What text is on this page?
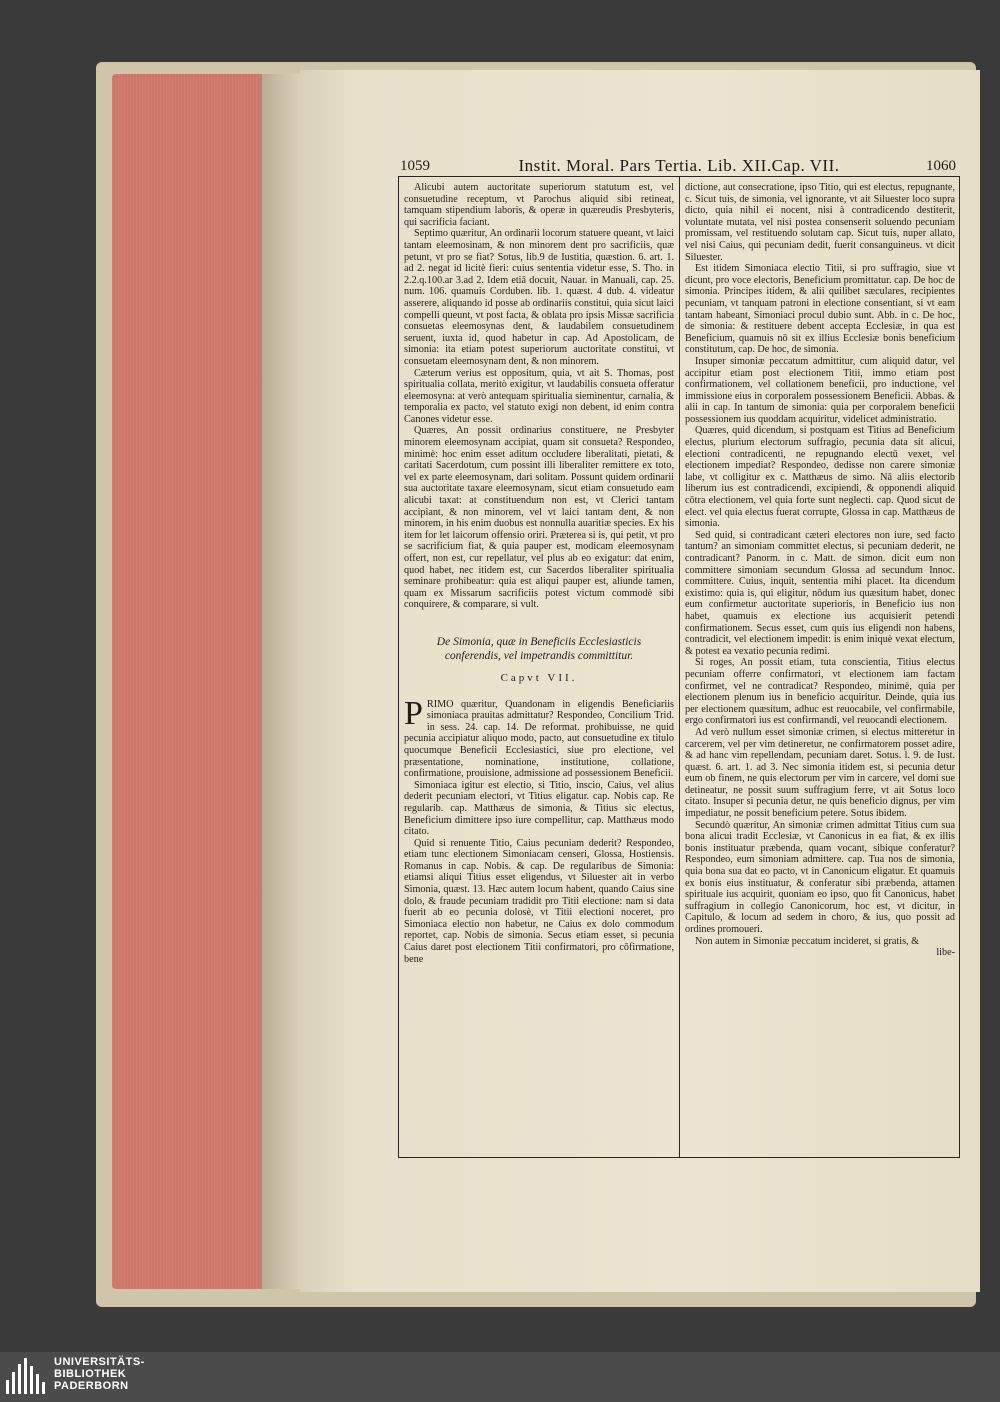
1059	Instit. Moral. Pars Tertia. Lib. XII.Cap. VII.	1060

Alicubi autem auctoritate superiorum statutum est, vel consuetudine receptum, vt Parochus aliquid sibi retineat, tamquam stipendium laboris, & operæ in quæreudis Presbyteris, qui sacrificia faciant.

Septimo quæritur, An ordinarii locorum statuere queant, vt laici tantam eleemosinam, & non minorem dent pro sacrificiis, quæ petunt, vt pro se fiat? Sotus, lib.9 de Iustitia, quæstion. 6. art. 1. ad 2. negat id licitè fieri: cuius sententia videtur esse, S. Tho. in 2.2.q.100.ar 3.ad 2. Idem etiā docuit, Nauar. in Manuali, cap. 25. num. 106. quamuis Corduben. lib. 1. quæst. 4 dub. 4. videatur asserere, aliquando id posse ab ordinariis constitui, quia sicut laici compelli queunt, vt post facta, & oblata pro ipsis Missæ sacrificia consuetas eleemosynas dent, & laudabilem consuetudinem seruent, iuxta id, quod habetur in cap. Ad Apostolicam, de simonia: ita etiam potest superiorum auctoritate constitui, vt consuetam eleemosynam dent, & non minorem.

Cæterum verius est oppositum, quia, vt ait S. Thomas, post spiritualia collata, meritò exigitur, vt laudabilis consueta offeratur eleemosyna: at verò antequam spiritualia sieminentur, carnalia, & temporalia ex pacto, vel statuto exigi non debent, id enim contra Canones videtur esse.

Quæres, An possit ordinarius constituere, ne Presbyter minorem eleemosynam accipiat, quam sit consueta? Respondeo, minimè: hoc enim esset aditum occludere liberalitati, pietati, & caritati Sacerdotum, cum possint illi liberaliter remittere ex toto, vel ex parte eleemosynam, dari solitam. Possunt quidem ordinarii sua auctoritate taxare eleemosynam, sicut etiam consuetudo eam alicubi taxat: at constituendum non est, vt Clerici tantam accipiant, & non minorem, vel vt laici tantam dent, & non minorem, in his enim duobus est nonnulla auaritiæ species. Ex his item for let laicorum offensio oriri. Præterea si is, qui petit, vt pro se sacrificium fiat, & quia pauper est, modicam eleemosynam offert, non est, cur repellatur, vel plus ab eo exigatur: dat enim, quod habet, nec itidem est, cur Sacerdos liberaliter spiritualia seminare prohibeatur: quia est aliqui pauper est, aliunde tamen, quam ex Missarum sacrificiis potest victum commodè sibi conquirere, & comparare, si vult.

De Simonia, quæ in Beneficiis Ecclesiasticis conferendis, vel impetrandis committitur.
Capvt VII.

PRIMO quæritur, Quandonam in eligendis Beneficiariis simoniaca prauitas admittatur? Respondeo, Concilium Trid. in sess. 24. cap. 14. De reformat. prohibuisse, ne quid pecunia accipiatur aliquo modo, pacto, aut consuetudine ex titulo quocumque Beneficii Ecclesiastici, siue pro electione, vel præsentatione, nominatione, institutione, collatione, confirmatione, prouisione, admissione ad possessionem Beneficii.

Simoniaca igitur est electio, si Titio, inscio, Caius, vel alius dederit pecuniam electori, vt Titius eligatur. cap. Nobis cap. Re regularib. cap. Matthæus de simonia, & Titius sic electus, Beneficium dimittere ipso iure compellitur, cap. Matthæus modo citato.

Quid si renuente Titio, Caius pecuniam dederit? Respondeo, etiam tunc electionem Simoniacam censeri, Glossa, Hostiensis. Romanus in cap. Nobis. & cap. De regularibus de Simonia: etiamsi aliqui Titius esset eligendus, vt Siluester ait in verbo Simonia, quæst. 13. Hæc autem locum habent, quando Caius sine dolo, & fraude pecuniam tradidit pro Titii electione: nam si data fuerit ab eo pecunia dolosè, vt Titii electioni noceret, pro Simoniaca electio non habetur, ne Caius ex dolo commodum reportet, cap. Nobis de simonia. Secus etiam esset, si pecunia Caius daret post electionem Titii confirmatori, pro cōfirmatione, bene

dictione, aut consecratione, ipso Titio, qui est electus, repugnante, c. Sicut tuis, de simonia, vel ignorante, vt ait Siluester loco supra dicto, quia nihil ei nocent, nisi à contradicendo destiterit, voluntate mutata, vel nisi postea consenserit soluendo pecuniam promissam, vel restituendo solutam cap. Sicut tuis, nuper allato, vel nisi Caius, qui pecuniam dedit, fuerit consanguineus. vt dicit Siluester.

Est itidem Simoniaca electio Titii, si pro suffragio, siue vt dicunt, pro voce electoris, Beneficium promittatur. cap. De hoc de simonia. Principes itidem, & alii quilibet sæculares, recipientes pecuniam, vt tanquam patroni in electione consentiant, si vt eam tantam habeant, Simoniaci procul dubio sunt. Abb. in c. De hoc, de simonia: & restituere debent accepta Ecclesiæ, in qua est Beneficium, quamuis nō sit ex illius Ecclesiæ bonis beneficium constitutum, cap. De hoc, de simonia.

Insuper simoniæ peccatum admittitur, cum aliquid datur, vel accipitur etiam post electionem Titii, immo etiam post confirmationem, vel collationem beneficii, pro inductione, vel immissione eius in corporalem possessionem Beneficii. Abbas. & alii in cap. In tantum de simonia: quia per corporalem beneficii possessionem ius quoddam acquiritur, videlicet administratio.

Quæres, quid dicendum, si postquam est Titius ad Beneficium electus, plurium electorum suffragio, pecunia data sit alicui, electioni contradicenti, ne repugnando electū vexet, vel electionem impediat? Respondeo, dedisse non carere simoniæ labe, vt colligitur ex c. Matthæus de simo. Nā aliis electorib liberum ius est contradicendi, excipiendi, & opponendi aliquid cōtra electionem, vel quia forte sunt neglecti. cap. Quod sicut de elect. vel quia electus fuerat corrupte, Glossa in cap. Matthæus de simonia.

Sed quid, si contradicant cæteri electores non iure, sed facto tantum? an simoniam committet electus, si pecuniam dederit, ne contradicant? Panorm. in c. Matt. de simon. dicit eum non committere simoniam secundum Glossa ad secundum Innoc. committere. Cuius, inquit, sententia mihi placet. Ita dicendum existimo: quia is, qui eligitur, nōdum ius quæsitum habet, donec eum confirmetur auctoritate superioris, in Beneficio ius non habet, quamuis ex electione ius acquisierit petendi confirmationem. Secus esset, cum quis ius eligendi non habens, contradicit, vel electionem impedit: is enim iniquè vexat electum, & potest ea vexatio pecunia redimi.

Si roges, An possit etiam, tuta conscientia, Titius electus pecuniam offerre confirmatori, vt electionem iam factam confirmet, vel ne contradicat? Respondeo, minimè, quia per electionem plenum ius in beneficio acquiritur. Deinde, quia ius per electionem quæsitum, adhuc est reuocabile, vel confirmabile, ergo confirmatori ius est confirmandi, vel reuocandi electionem.

Ad verò nullum esset simoniæ crimen, si electus mitteretur in carcerem, vel per vim detineretur, ne confirmatorem posset adire, & ad hanc vim repellendam, pecuniam daret. Sotus. l. 9. de Iust. quæst. 6. art. 1. ad 3. Nec simonia itidem est, si pecunia detur eum ob finem, ne quis electorum per vim in carcere, vel domi sue detineatur, ne possit suum suffragium ferre, vt ait Sotus loco citato. Insuper si pecunia detur, ne quis beneficio dignus, per vim impediatur, ne possit beneficium petere. Sotus ibidem.

Secundò quæritur, An simoniæ crimen admittat Titius cum sua bona alicui tradit Ecclesiæ, vt Canonicus in ea fiat, & ex illis bonis instituatur præbenda, quam vocant, sibique conferatur? Respondeo, eum simoniam admittere. cap. Tua nos de simonia, quia bona sua dat eo pacto, vt in Canonicum eligatur. Et quamuis ex bonis eius instituatur, & conferatur sibi præbenda, attamen spirituale ius acquirit, quoniam eo ipso, quo fit Canonicus, habet suffragium in collegio Canonicorum, hoc est, vt dicitur, in Capitulo, & locum ad sedem in choro, & ius, quo possit ad ordines promoueri.

Non autem in Simoniæ peccatum incideret, si gratis, &

libe-
UNIVERSITÄTS-
BIBLIOTHEK
PADERBORN
